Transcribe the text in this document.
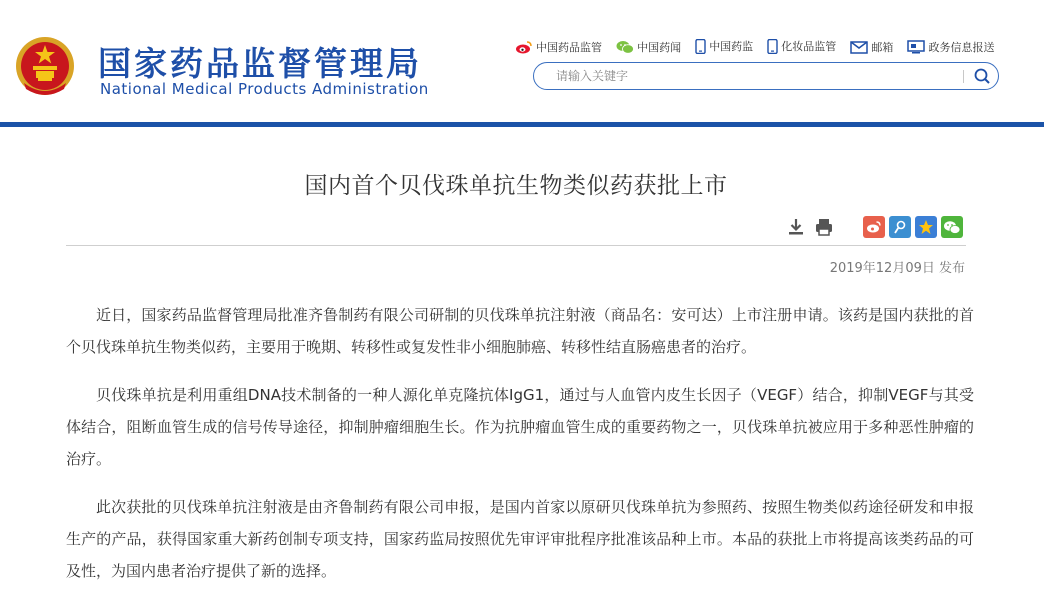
国家药品监督管理局
National Medical Products Administration
中国药品监管
	中国药闻
	中国药监
	化妆品监管
	邮箱
	政务信息报送
请输入关键字
国内首个贝伐珠单抗生物类似药获批上市
2019年12月09日 发布

近日，国家药品监督管理局批准齐鲁制药有限公司研制的贝伐珠单抗注射液（商品名：安可达）上市注册申请。该药是国内获批的首个贝伐珠单抗生物类似药，主要用于晚期、转移性或复发性非小细胞肺癌、转移性结直肠癌患者的治疗。

贝伐珠单抗是利用重组DNA技术制备的一种人源化单克隆抗体IgG1，通过与人血管内皮生长因子（VEGF）结合，抑制VEGF与其受体结合，阻断血管生成的信号传导途径，抑制肿瘤细胞生长。作为抗肿瘤血管生成的重要药物之一，贝伐珠单抗被应用于多种恶性肿瘤的治疗。

此次获批的贝伐珠单抗注射液是由齐鲁制药有限公司申报，是国内首家以原研贝伐珠单抗为参照药、按照生物类似药途径研发和申报生产的产品，获得国家重大新药创制专项支持，国家药监局按照优先审评审批程序批准该品种上市。本品的获批上市将提高该类药品的可及性，为国内患者治疗提供了新的选择。
